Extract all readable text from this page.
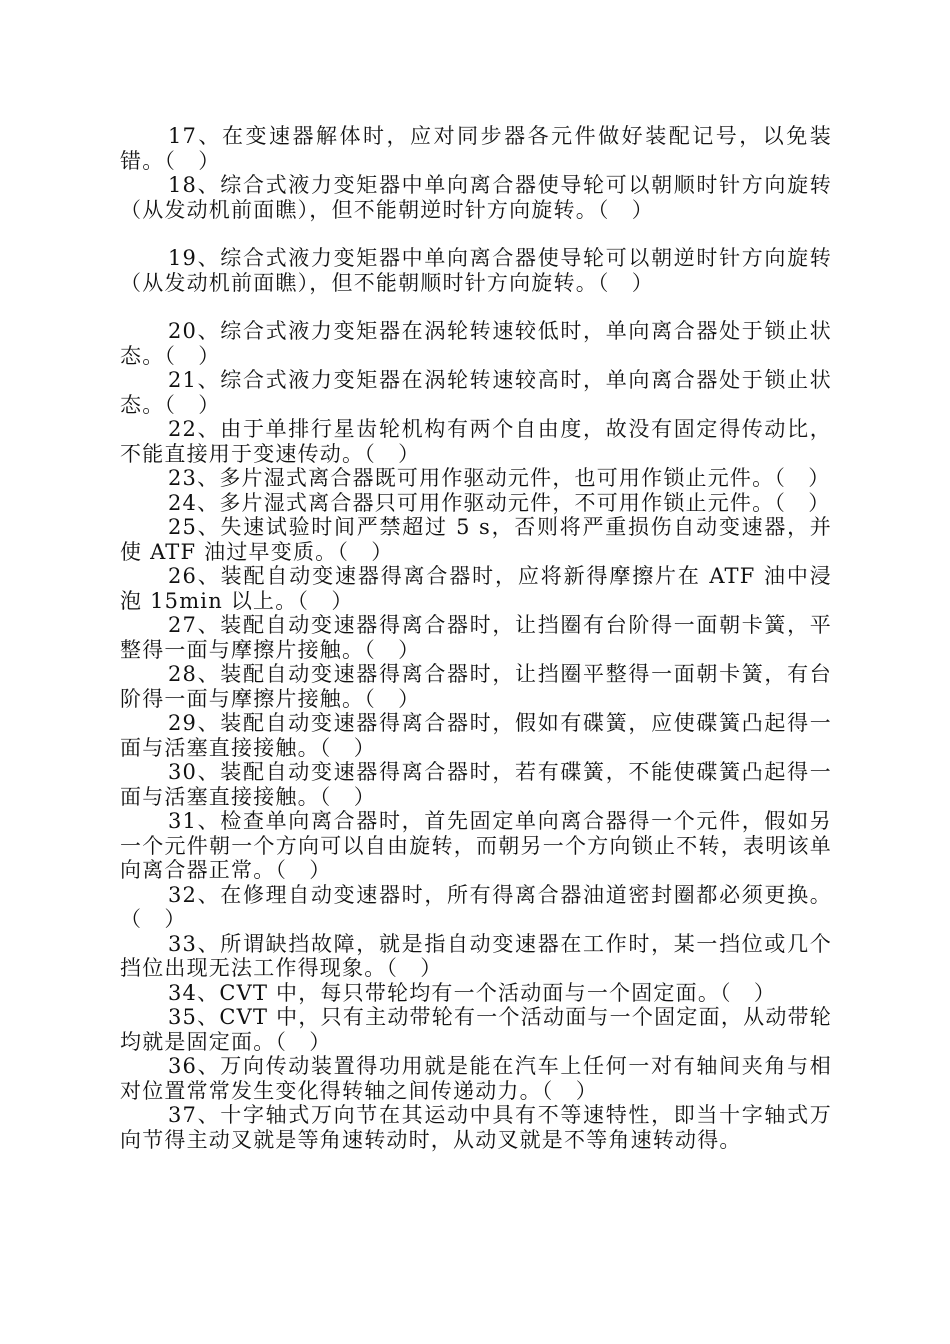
17、在变速器解体时，应对同步器各元件做好装配记号，以免装错。（　）

18、综合式液力变矩器中单向离合器使导轮可以朝顺时针方向旋转（从发动机前面瞧），但不能朝逆时针方向旋转。（　）

19、综合式液力变矩器中单向离合器使导轮可以朝逆时针方向旋转（从发动机前面瞧），但不能朝顺时针方向旋转。（　）

20、综合式液力变矩器在涡轮转速较低时，单向离合器处于锁止状态。（　）

21、综合式液力变矩器在涡轮转速较高时，单向离合器处于锁止状态。（　）

22、由于单排行星齿轮机构有两个自由度，故没有固定得传动比，不能直接用于变速传动。（　）

23、多片湿式离合器既可用作驱动元件，也可用作锁止元件。（　）

24、多片湿式离合器只可用作驱动元件，不可用作锁止元件。（　）

25、失速试验时间严禁超过 5 s，否则将严重损伤自动变速器，并使 ATF 油过早变质。（　）

26、装配自动变速器得离合器时，应将新得摩擦片在 ATF 油中浸泡 15min 以上。（　）

27、装配自动变速器得离合器时，让挡圈有台阶得一面朝卡簧，平整得一面与摩擦片接触。（　）

28、装配自动变速器得离合器时，让挡圈平整得一面朝卡簧，有台阶得一面与摩擦片接触。（　）

29、装配自动变速器得离合器时，假如有碟簧，应使碟簧凸起得一面与活塞直接接触。（　）

30、装配自动变速器得离合器时，若有碟簧，不能使碟簧凸起得一面与活塞直接接触。（　）

31、检查单向离合器时，首先固定单向离合器得一个元件，假如另一个元件朝一个方向可以自由旋转，而朝另一个方向锁止不转，表明该单向离合器正常。（　）

32、在修理自动变速器时，所有得离合器油道密封圈都必须更换。（　）

33、所谓缺挡故障，就是指自动变速器在工作时，某一挡位或几个挡位出现无法工作得现象。（　）

34、CVT 中，每只带轮均有一个活动面与一个固定面。（　）

35、CVT 中，只有主动带轮有一个活动面与一个固定面，从动带轮均就是固定面。（　）

36、万向传动装置得功用就是能在汽车上任何一对有轴间夹角与相对位置常常发生变化得转轴之间传递动力。（　）

37、十字轴式万向节在其运动中具有不等速特性，即当十字轴式万向节得主动叉就是等角速转动时，从动叉就是不等角速转动得。
